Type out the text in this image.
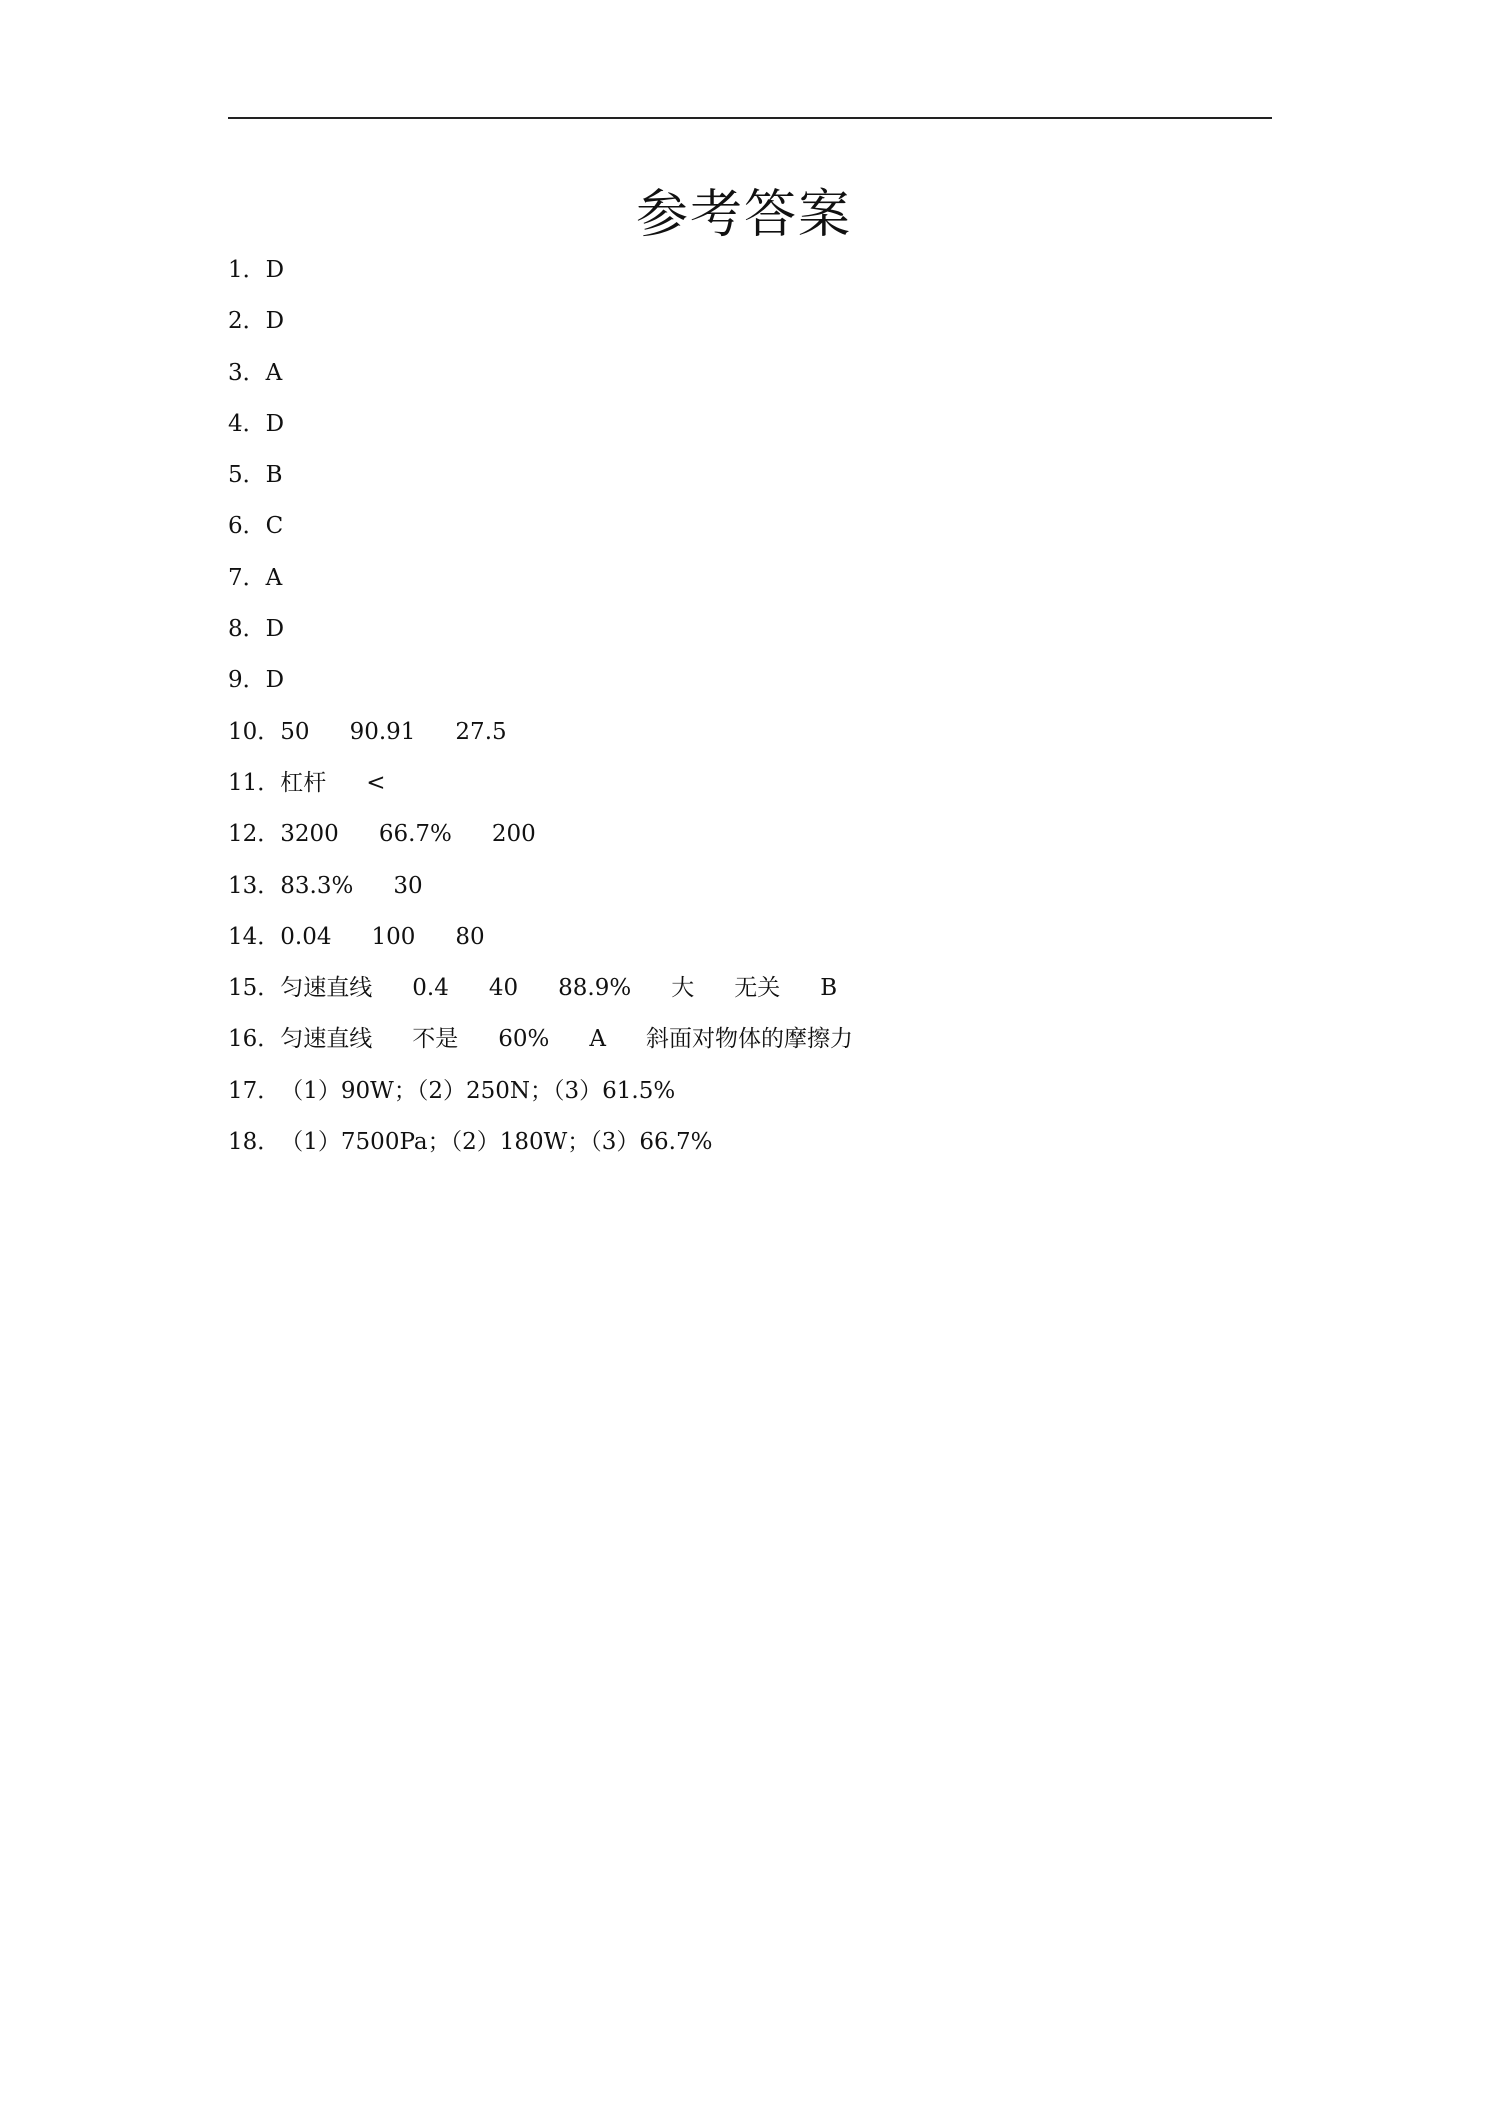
参考答案
1． D
2． D
3． A
4． D
5． B
6． C
7． A
8． D
9． D
10． 50 90.91 27.5
11． 杠杆 <
12． 3200 66.7% 200
13． 83.3% 30
14． 0.04 100 80
15． 匀速直线 0.4 40 88.9% 大 无关 B
16． 匀速直线 不是 60% A 斜面对物体的摩擦力
17． （1）90W；（2）250N；（3）61.5%
18． （1）7500Pa；（2）180W；（3）66.7%
